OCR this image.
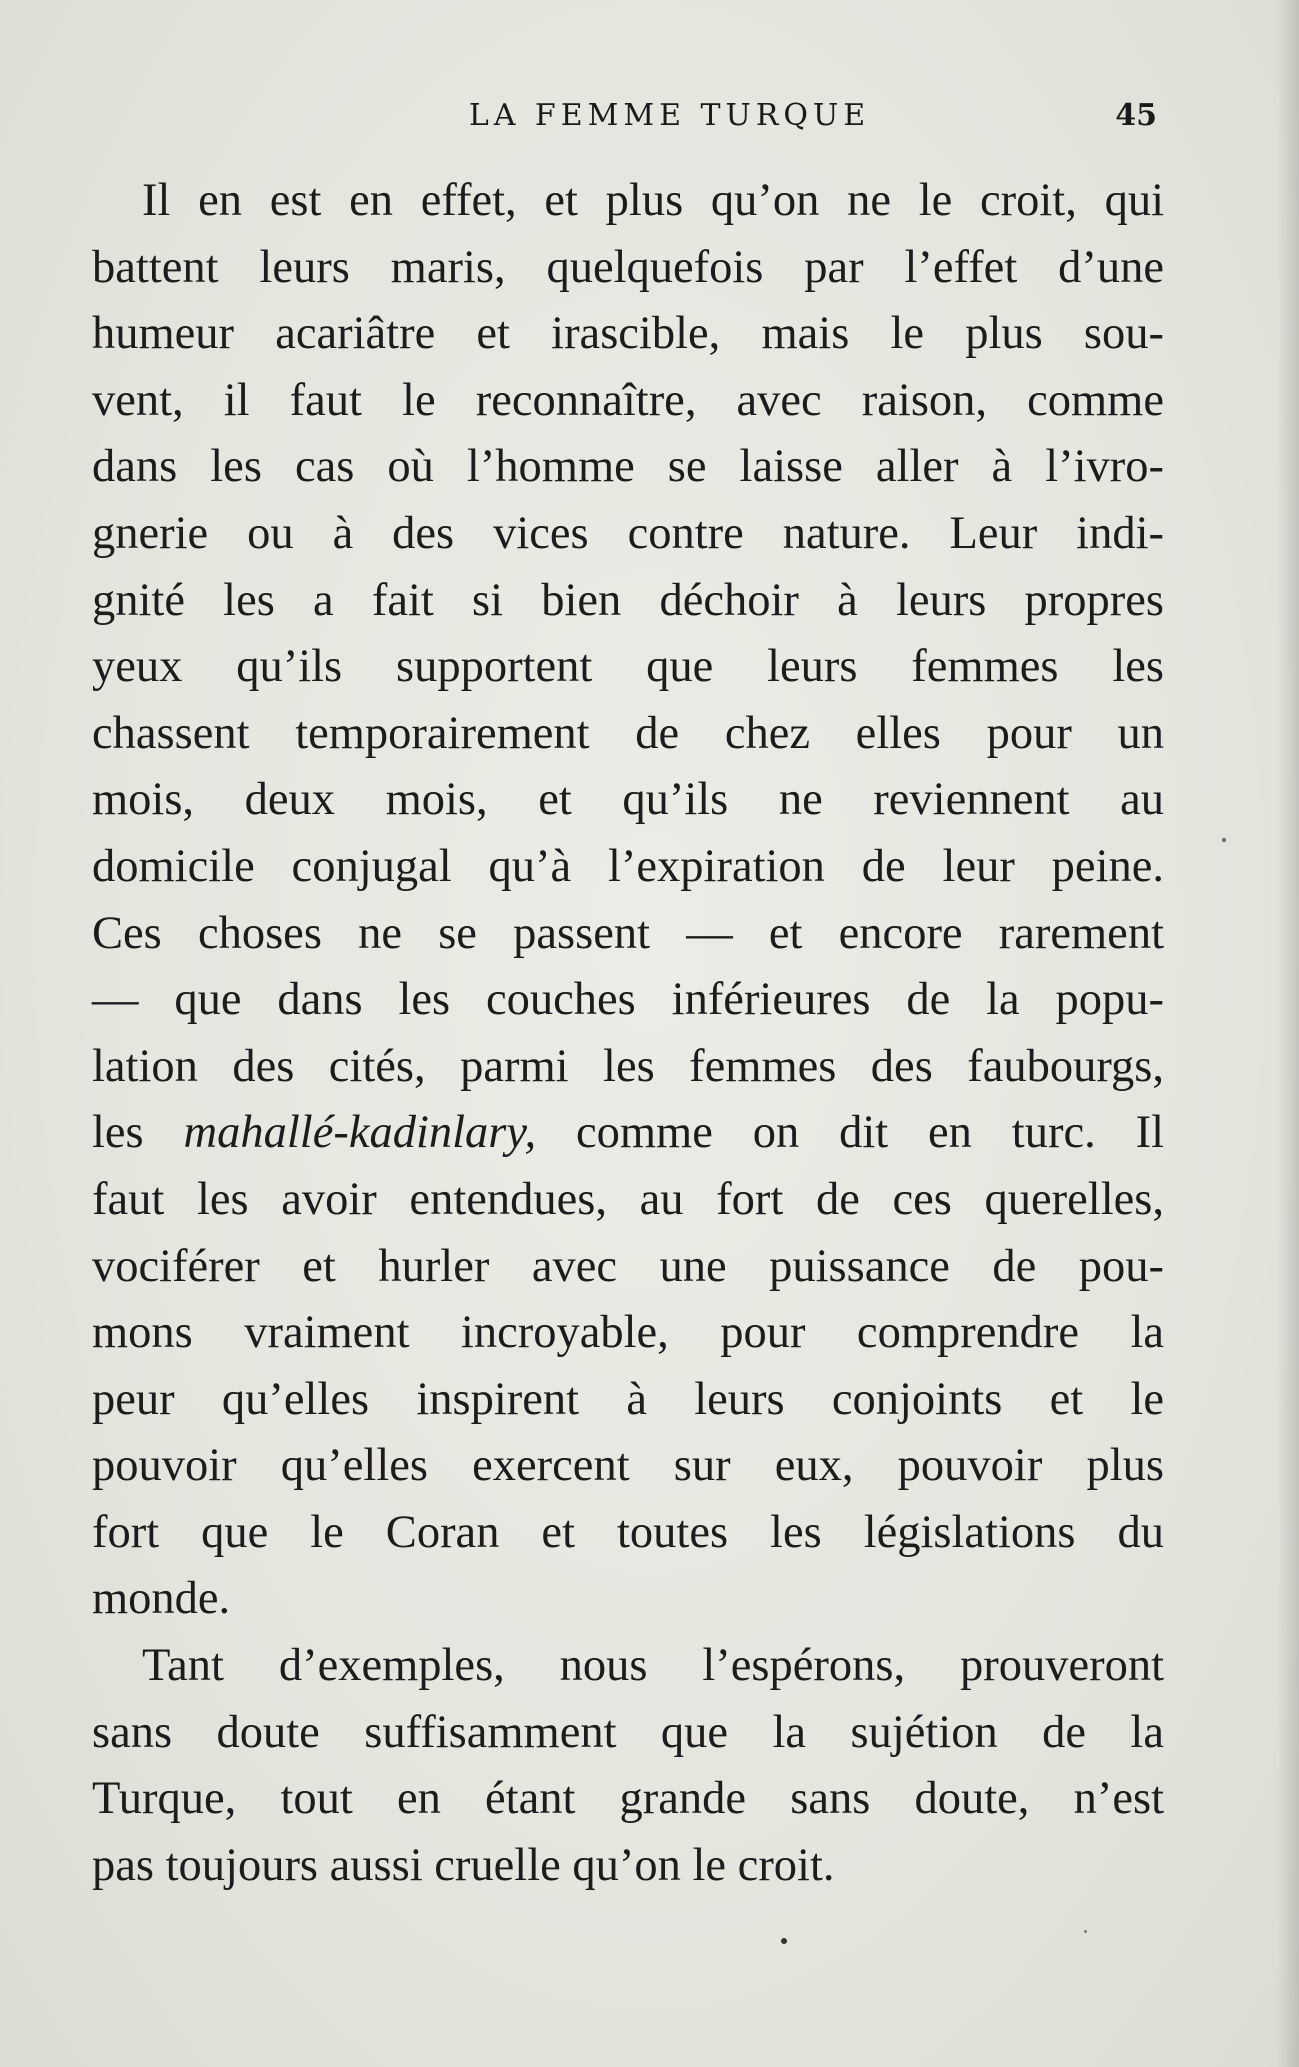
LA FEMME TURQUE	45
Il en est en effet, et plus qu’on ne le croit, qui
battent leurs maris, quelquefois par l’effet d’une
humeur acariâtre et irascible, mais le plus sou-
vent, il faut le reconnaître, avec raison, comme
dans les cas où l’homme se laisse aller à l’ivro-
gnerie ou à des vices contre nature. Leur indi-
gnité les a fait si bien déchoir à leurs propres
yeux qu’ils supportent que leurs femmes les
chassent temporairement de chez elles pour un
mois, deux mois, et qu’ils ne reviennent au
domicile conjugal qu’à l’expiration de leur peine.
Ces choses ne se passent — et encore rarement
— que dans les couches inférieures de la popu-
lation des cités, parmi les femmes des faubourgs,
les mahallé-kadinlary, comme on dit en turc. Il
faut les avoir entendues, au fort de ces querelles,
vociférer et hurler avec une puissance de pou-
mons vraiment incroyable, pour comprendre la
peur qu’elles inspirent à leurs conjoints et le
pouvoir qu’elles exercent sur eux, pouvoir plus
fort que le Coran et toutes les législations du
monde.
Tant d’exemples, nous l’espérons, prouveront
sans doute suffisamment que la sujétion de la
Turque, tout en étant grande sans doute, n’est
pas toujours aussi cruelle qu’on le croit.
